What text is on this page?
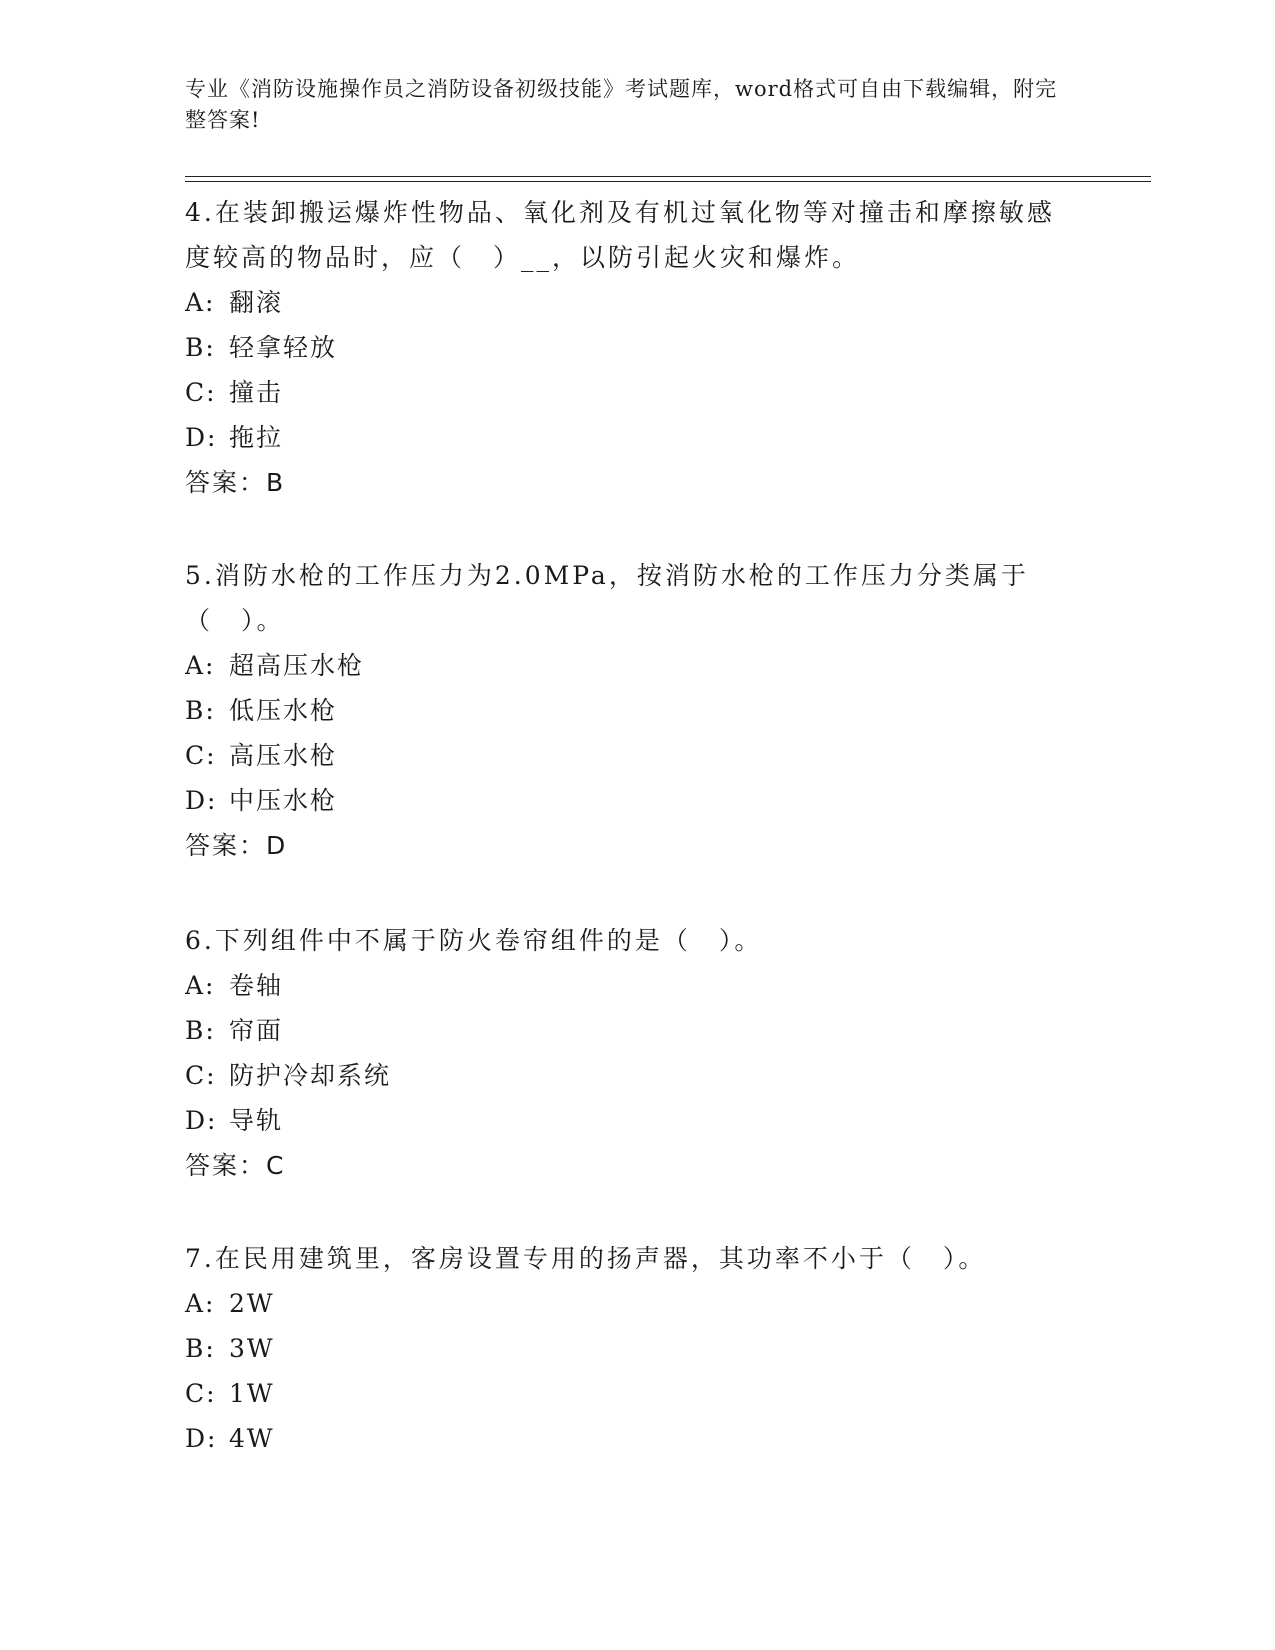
专业《消防设施操作员之消防设备初级技能》考试题库，word格式可自由下载编辑，附完整答案!
4.在装卸搬运爆炸性物品、氧化剂及有机过氧化物等对撞击和摩擦敏感度较高的物品时，应（　）__，以防引起火灾和爆炸。
A: 翻滚
B: 轻拿轻放
C: 撞击
D: 拖拉
答案：B
5.消防水枪的工作压力为2.0MPa，按消防水枪的工作压力分类属于（　）。
A: 超高压水枪
B: 低压水枪
C: 高压水枪
D: 中压水枪
答案：D
6.下列组件中不属于防火卷帘组件的是（　）。
A: 卷轴
B: 帘面
C: 防护冷却系统
D: 导轨
答案：C
7.在民用建筑里，客房设置专用的扬声器，其功率不小于（　）。
A: 2W
B: 3W
C: 1W
D: 4W
